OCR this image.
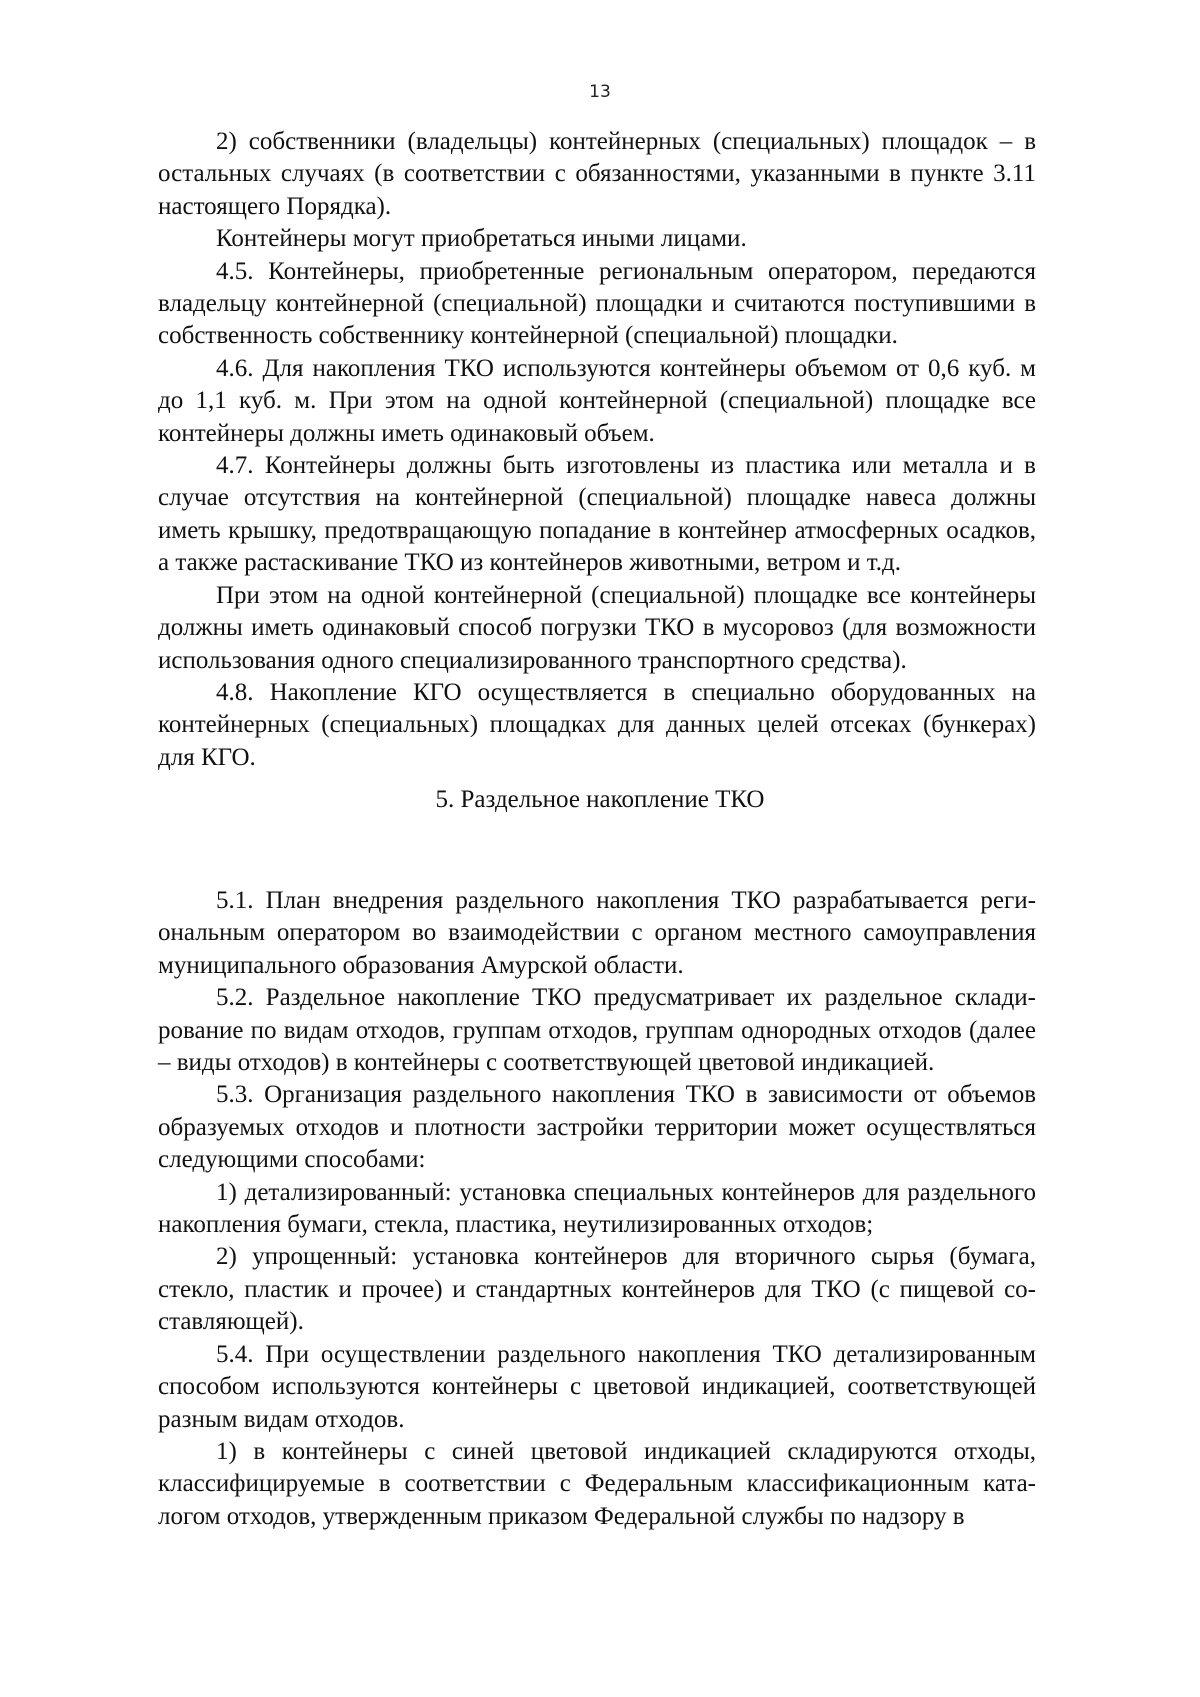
13

2) собственники (владельцы) контейнерных (специальных) площадок – в остальных случаях (в соответствии с обязанностями, указанными в пункте 3.11 настоящего Порядка).

Контейнеры могут приобретаться иными лицами.

4.5. Контейнеры, приобретенные региональным оператором, передаются владельцу контейнерной (специальной) площадки и считаются поступившими в собственность собственнику контейнерной (специальной) площадки.

4.6. Для накопления ТКО используются контейнеры объемом от 0,6 куб. м до 1,1 куб. м. При этом на одной контейнерной (специальной) площадке все контейнеры должны иметь одинаковый объем.

4.7. Контейнеры должны быть изготовлены из пластика или металла и в случае отсутствия на контейнерной (специальной) площадке навеса должны иметь крышку, предотвращающую попадание в контейнер атмосферных осадков, а также растаскивание ТКО из контейнеров животными, ветром и т.д.

При этом на одной контейнерной (специальной) площадке все контейнеры должны иметь одинаковый способ погрузки ТКО в мусоровоз (для возможности использования одного специализированного транспортного средства).

4.8. Накопление КГО осуществляется в специально оборудованных на контейнерных (специальных) площадках для данных целей отсеках (бункерах) для КГО.

5. Раздельное накопление ТКО

5.1. План внедрения раздельного накопления ТКО разрабатывается региональным оператором во взаимодействии с органом местного самоуправления муниципального образования Амурской области.

5.2. Раздельное накопление ТКО предусматривает их раздельное складирование по видам отходов, группам отходов, группам однородных отходов (далее – виды отходов) в контейнеры с соответствующей цветовой индикацией.

5.3. Организация раздельного накопления ТКО в зависимости от объемов образуемых отходов и плотности застройки территории может осуществляться следующими способами:

1) детализированный: установка специальных контейнеров для раздельного накопления бумаги, стекла, пластика, неутилизированных отходов;

2) упрощенный: установка контейнеров для вторичного сырья (бумага, стекло, пластик и прочее) и стандартных контейнеров для ТКО (с пищевой составляющей).

5.4. При осуществлении раздельного накопления ТКО детализированным способом используются контейнеры с цветовой индикацией, соответствующей разным видам отходов.

1) в контейнеры с синей цветовой индикацией складируются отходы, классифицируемые в соответствии с Федеральным классификационным каталогом отходов, утвержденным приказом Федеральной службы по надзору в
